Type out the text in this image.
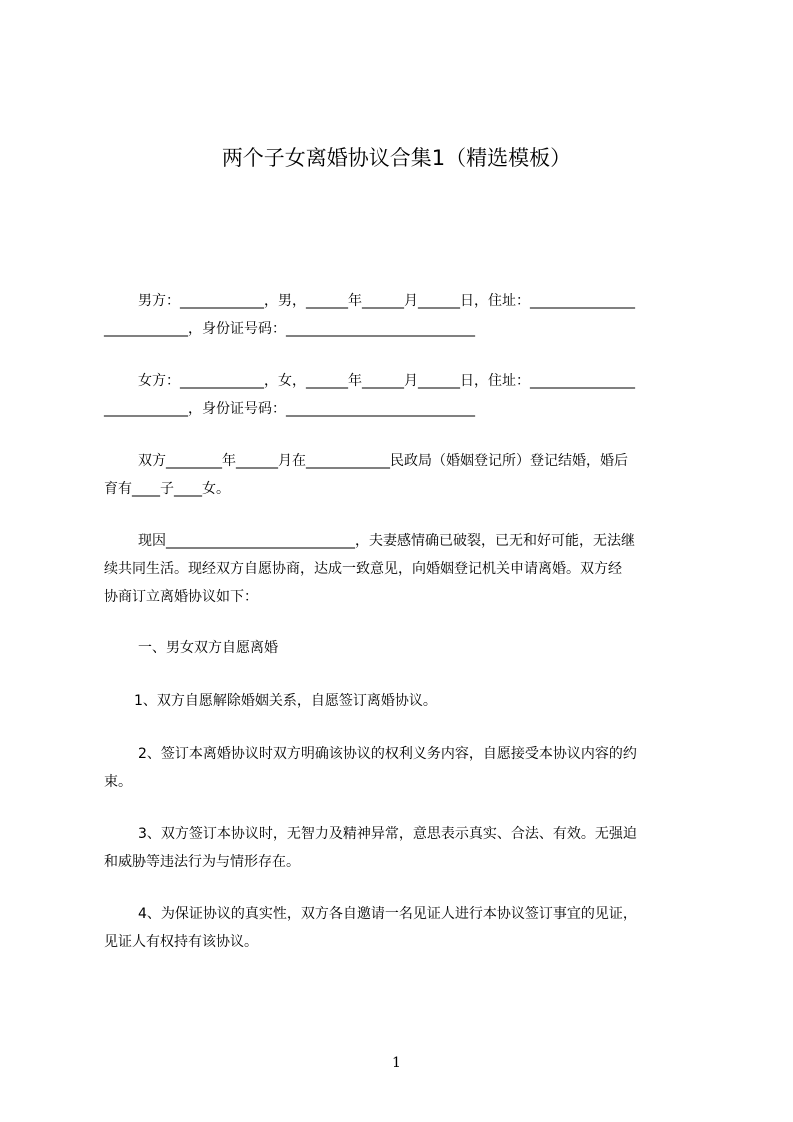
两个子女离婚协议合集1（精选模板）
男方：____________，男，______年______月______日，住址：_______________
____________，身份证号码：___________________________
女方：____________，女，______年______月______日，住址：_______________
____________，身份证号码：___________________________
双方________年______月在____________民政局（婚姻登记所）登记结婚，婚后
育有____子____女。
现因___________________________，夫妻感情确已破裂，已无和好可能，无法继
续共同生活。现经双方自愿协商，达成一致意见，向婚姻登记机关申请离婚。双方经
协商订立离婚协议如下：
一、男女双方自愿离婚
1、双方自愿解除婚姻关系，自愿签订离婚协议。
2、签订本离婚协议时双方明确该协议的权利义务内容，自愿接受本协议内容的约
束。
3、双方签订本协议时，无智力及精神异常，意思表示真实、合法、有效。无强迫
和威胁等违法行为与情形存在。
4、为保证协议的真实性，双方各自邀请一名见证人进行本协议签订事宜的见证，
见证人有权持有该协议。
1
